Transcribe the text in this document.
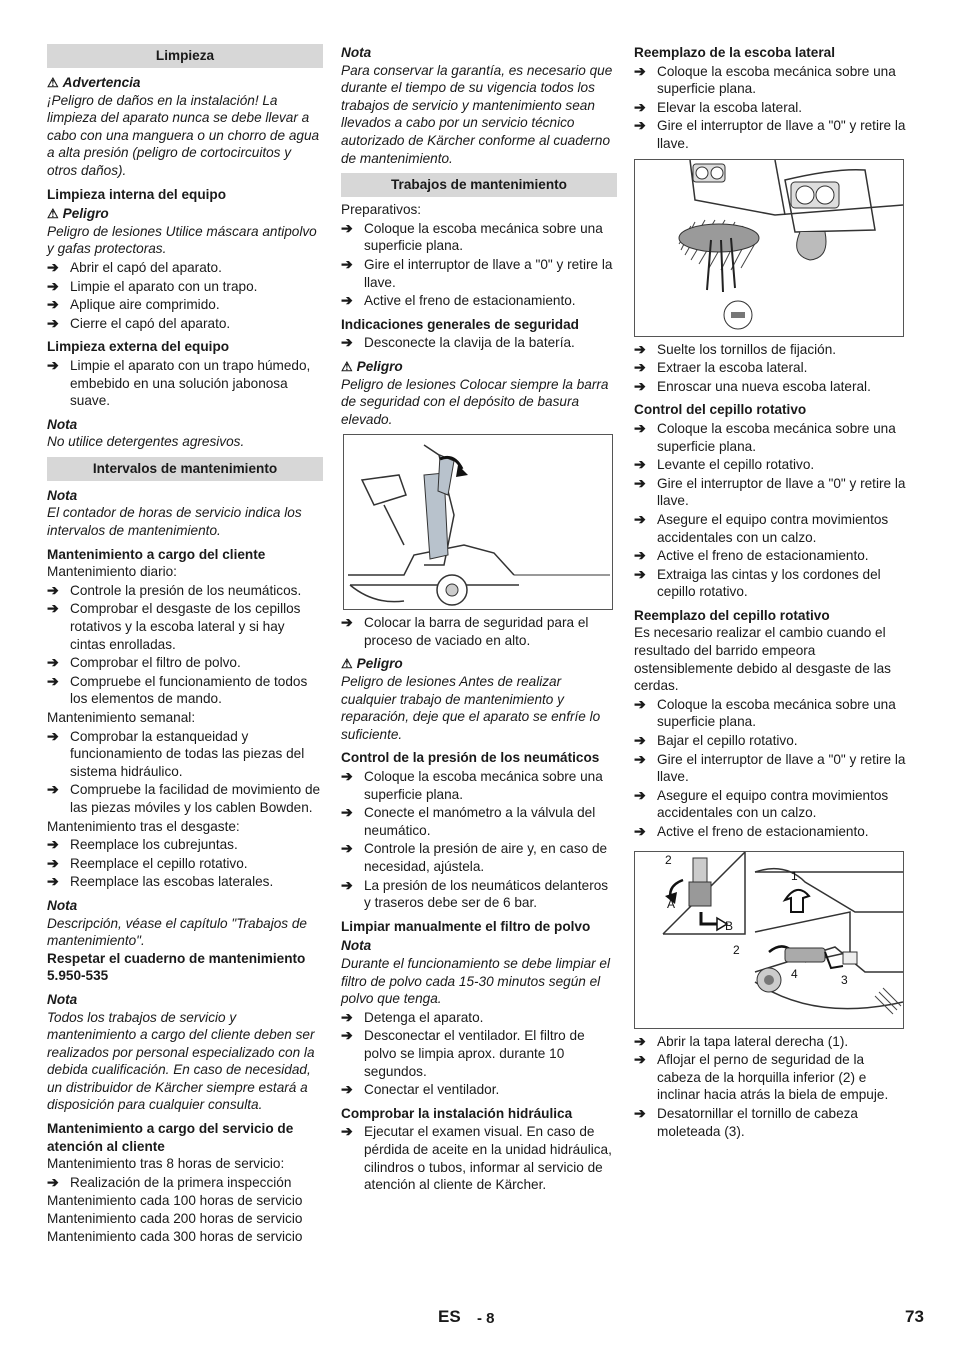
Limpieza
⚠ Advertencia

¡Peligro de daños en la instalación! La limpieza del aparato nunca se debe llevar a cabo con una manguera o un chorro de agua a alta presión (peligro de cortocircuitos y otros daños).

Limpieza interna del equipo
⚠ Peligro

Peligro de lesiones Utilice máscara antipolvo y gafas protectoras.

➔ Abrir el capó del aparato.
➔ Limpie el aparato con un trapo.
➔ Aplique aire comprimido.
➔ Cierre el capó del aparato.
Limpieza externa del equipo
➔ Limpie el aparato con un trapo húmedo, embebido en una solución jabonosa suave.
Nota

No utilice detergentes agresivos.

Intervalos de mantenimiento
Nota

El contador de horas de servicio indica los intervalos de mantenimiento.

Mantenimiento a cargo del cliente

Mantenimiento diario:

➔ Controle la presión de los neumáticos.
➔ Comprobar el desgaste de los cepillos rotativos y la escoba lateral y si hay cintas enrolladas.
➔ Comprobar el filtro de polvo.
➔ Compruebe el funcionamiento de todos los elementos de mando.

Mantenimiento semanal:

➔ Comprobar la estanqueidad y funcionamiento de todas las piezas del sistema hidráulico.
➔ Compruebe la facilidad de movimiento de las piezas móviles y los cablen Bowden.

Mantenimiento tras el desgaste:

➔ Reemplace los cubrejuntas.
➔ Reemplace el cepillo rotativo.
➔ Reemplace las escobas laterales.
Nota

Descripción, véase el capítulo "Trabajos de mantenimiento".

Respetar el cuaderno de mantenimiento 5.950-535
Nota

Todos los trabajos de servicio y mantenimiento a cargo del cliente deben ser realizados por personal especializado con la debida cualificación. En caso de necesidad, un distribuidor de Kärcher siempre estará a disposición para cualquier consulta.

Mantenimiento a cargo del servicio de atención al cliente

Mantenimiento tras 8 horas de servicio:

➔ Realización de la primera inspección

Mantenimiento cada 100 horas de servicio

Mantenimiento cada 200 horas de servicio

Mantenimiento cada 300 horas de servicio

Nota

Para conservar la garantía, es necesario que durante el tiempo de su vigencia todos los trabajos de servicio y mantenimiento sean llevados a cabo por un servicio técnico autorizado de Kärcher conforme al cuaderno de mantenimiento.

Trabajos de mantenimiento

Preparativos:

➔ Coloque la escoba mecánica sobre una superficie plana.
➔ Gire el interruptor de llave a "0" y retire la llave.
➔ Active el freno de estacionamiento.
Indicaciones generales de seguridad
➔ Desconecte la clavija de la batería.
⚠ Peligro

Peligro de lesiones Colocar siempre la barra de seguridad con el depósito de basura elevado.

➔ Colocar la barra de seguridad para el proceso de vaciado en alto.
⚠ Peligro

Peligro de lesiones Antes de realizar cualquier trabajo de mantenimiento y reparación, deje que el aparato se enfríe lo suficiente.

Control de la presión de los neumáticos
➔ Coloque la escoba mecánica sobre una superficie plana.
➔ Conecte el manómetro a la válvula del neumático.
➔ Controle la presión de aire y, en caso de necesidad, ajústela.
➔ La presión de los neumáticos delanteros y traseros debe ser de 6 bar.
Limpiar manualmente el filtro de polvo
Nota

Durante el funcionamiento se debe limpiar el filtro de polvo cada 15-30 minutos según el polvo que tenga.

➔ Detenga el aparato.
➔ Desconectar el ventilador. El filtro de polvo se limpia aprox. durante 10 segundos.
➔ Conectar el ventilador.
Comprobar la instalación hidráulica
➔ Ejecutar el examen visual. En caso de pérdida de aceite en la unidad hidráulica, cilindros o tubos, informar al servicio de atención al cliente de Kärcher.
Reemplazo de la escoba lateral
➔ Coloque la escoba mecánica sobre una superficie plana.
➔ Elevar la escoba lateral.
➔ Gire el interruptor de llave a "0" y retire la llave.
➔ Suelte los tornillos de fijación.
➔ Extraer la escoba lateral.
➔ Enroscar una nueva escoba lateral.
Control del cepillo rotativo
➔ Coloque la escoba mecánica sobre una superficie plana.
➔ Levante el cepillo rotativo.
➔ Gire el interruptor de llave a "0" y retire la llave.
➔ Asegure el equipo contra movimientos accidentales con un calzo.
➔ Active el freno de estacionamiento.
➔ Extraiga las cintas y los cordones del cepillo rotativo.
Reemplazo del cepillo rotativo

Es necesario realizar el cambio cuando el resultado del barrido empeora ostensiblemente debido al desgaste de las cerdas.

➔ Coloque la escoba mecánica sobre una superficie plana.
➔ Bajar el cepillo rotativo.
➔ Gire el interruptor de llave a "0" y retire la llave.
➔ Asegure el equipo contra movimientos accidentales con un calzo.
➔ Active el freno de estacionamiento.
2
A
B
1
2
4	3
➔ Abrir la tapa lateral derecha (1).
➔ Aflojar el perno de seguridad de la cabeza de la horquilla inferior (2) e inclinar hacia atrás la biela de empuje.
➔ Desatornillar el tornillo de cabeza moleteada (3).
ES - 8	73
